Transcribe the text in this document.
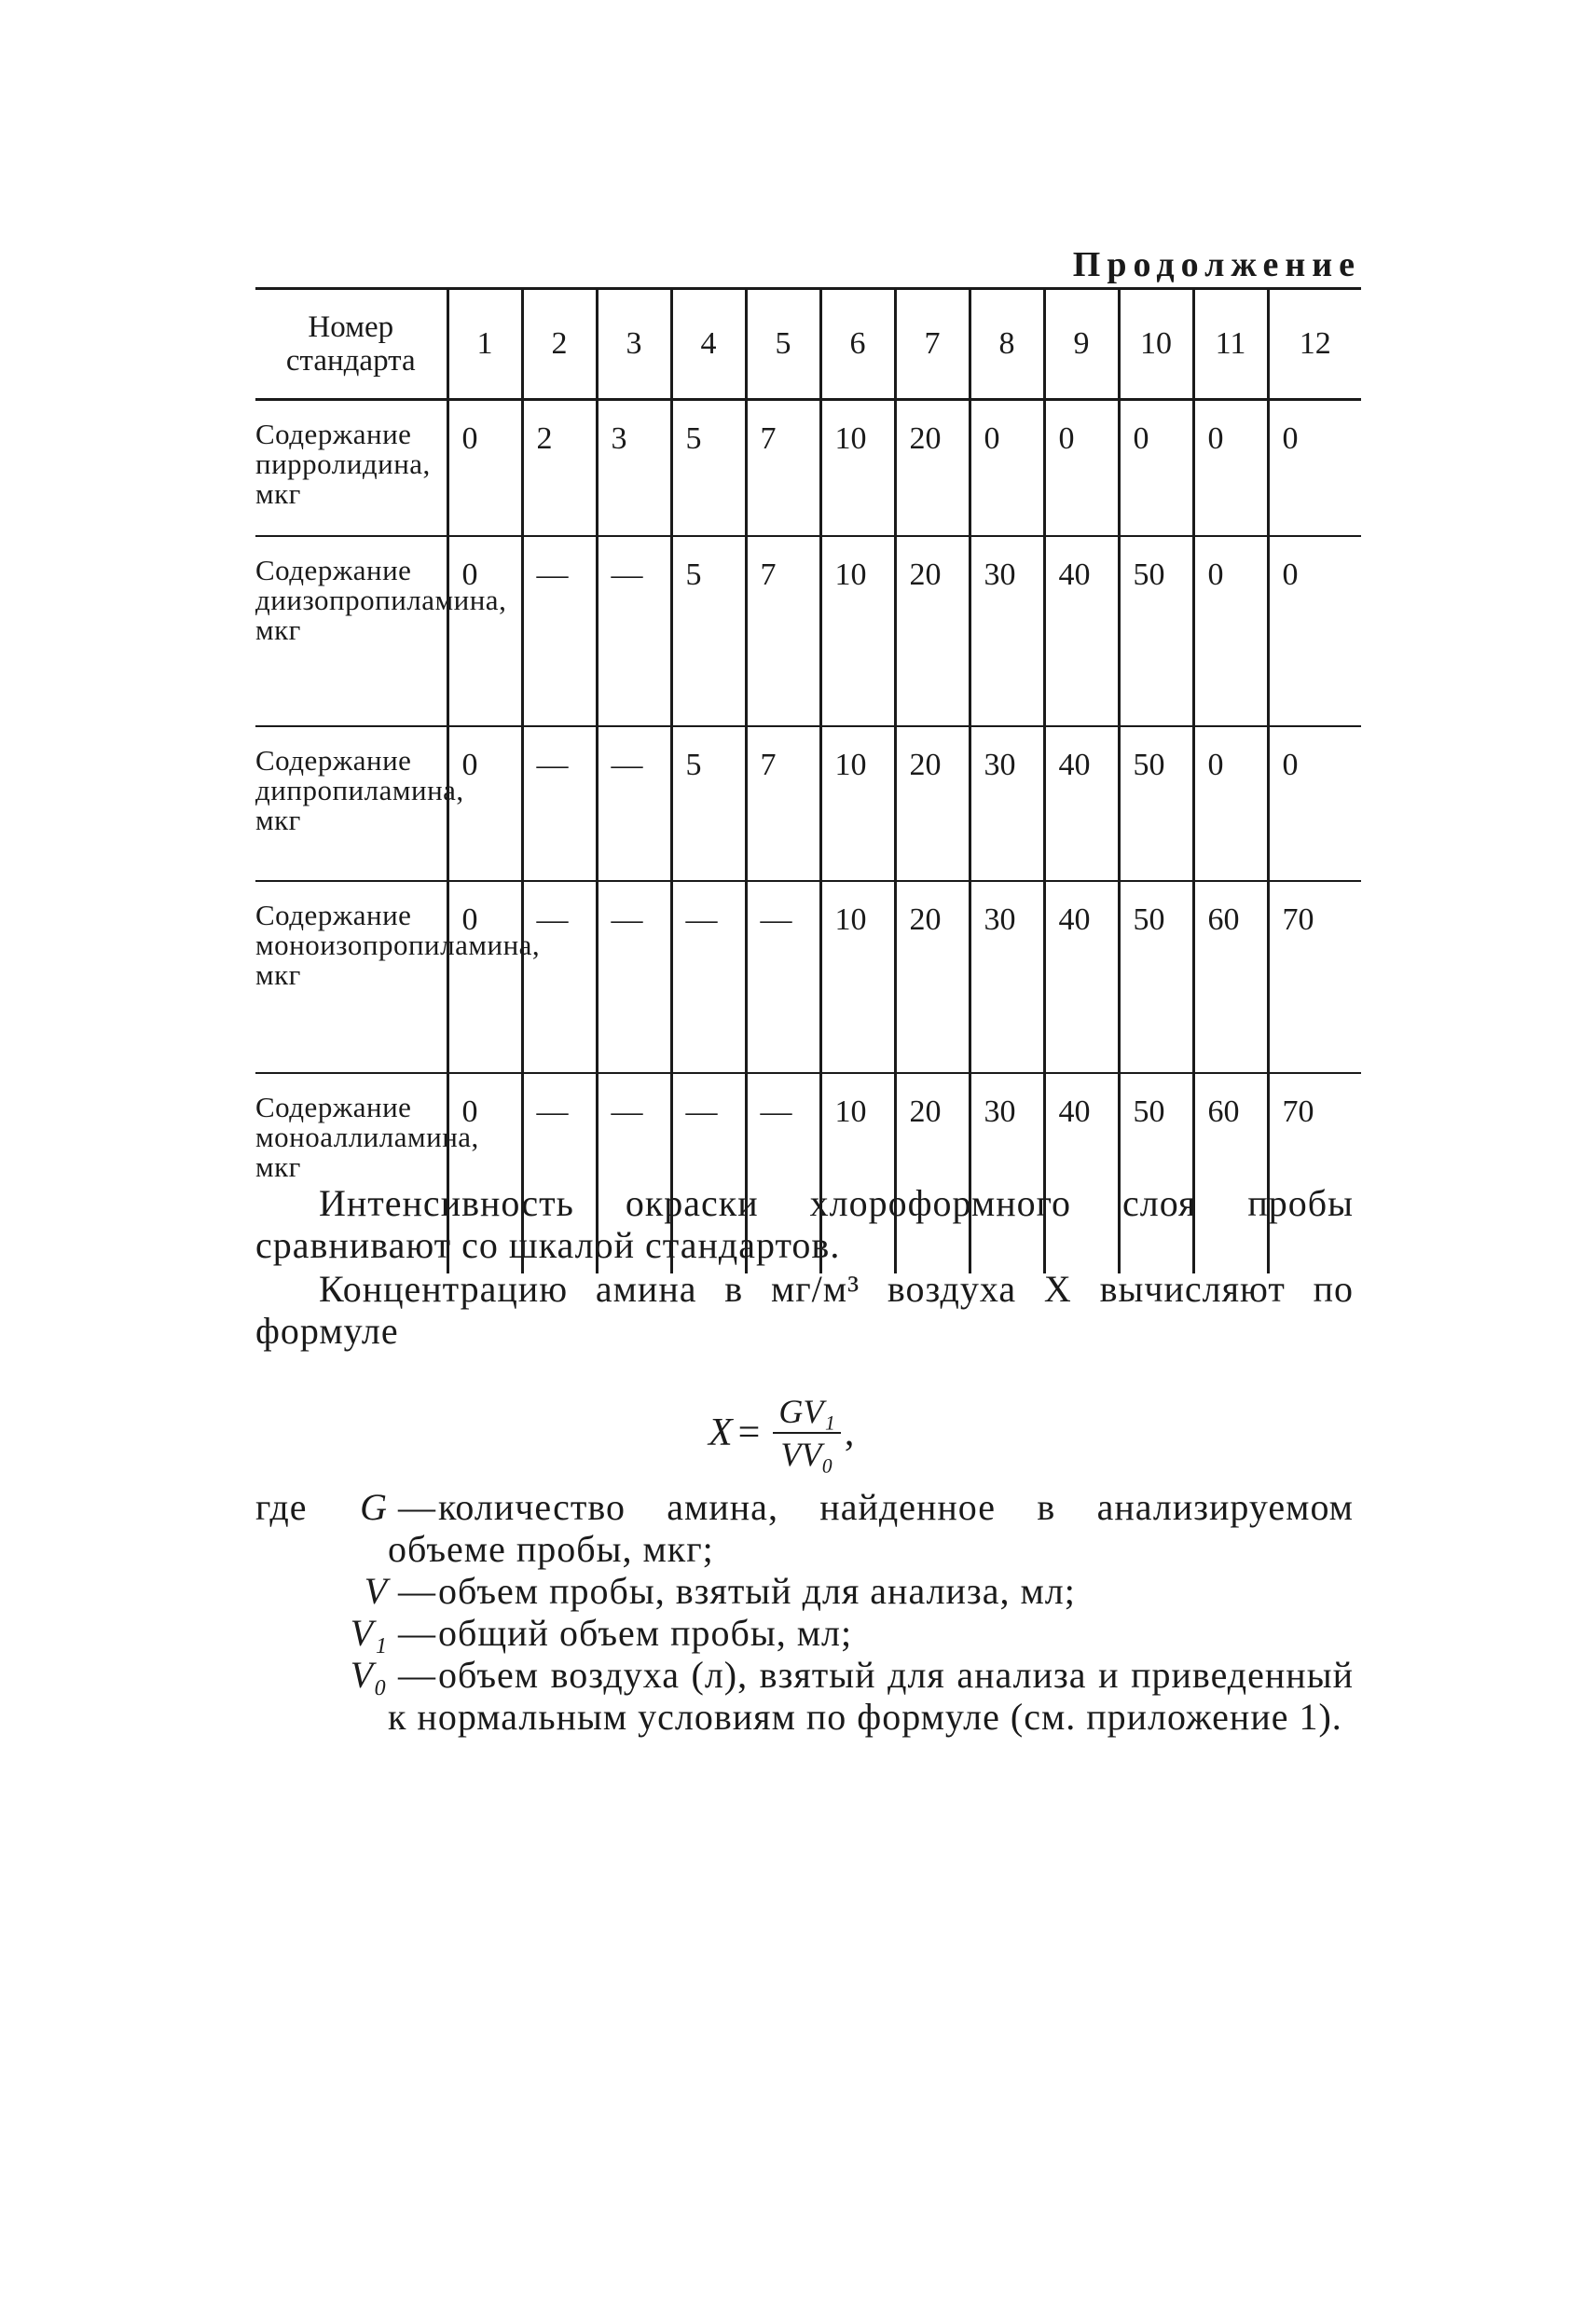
Продолжение
Номер стандарта	1	2	3	4	5	6	7	8	9	10	11	12
Содержание пирролидина, мкг	0	2	3	5	7	10	20	0	0	0	0	0
Содержание диизопропиламина, мкг	0	—	—	5	7	10	20	30	40	50	0	0
Содержание дипропиламина, мкг	0	—	—	5	7	10	20	30	40	50	0	0
Содержание моноизопропиламина, мкг	0	—	—	—	—	10	20	30	40	50	60	70
Содержание моноаллиламина, мкг	0	—	—	—	—	10	20	30	40	50	60	70

Интенсивность окраски хлороформного слоя пробы сравнивают со шкалой стандартов.

Концентрацию амина в мг/м³ воздуха X вычисляют по формуле

$X = \frac{\text{GV₁}}{\text{VV₀}}$ ,
где	G —количество амина, найденное в анализируемом объеме пробы, мкг;
V —объем пробы, взятый для анализа, мл;
V₁ —общий объем пробы, мл;
V₀ —объем воздуха (л), взятый для анализа и приведенный к нормальным условиям по формуле (см. приложение 1).
